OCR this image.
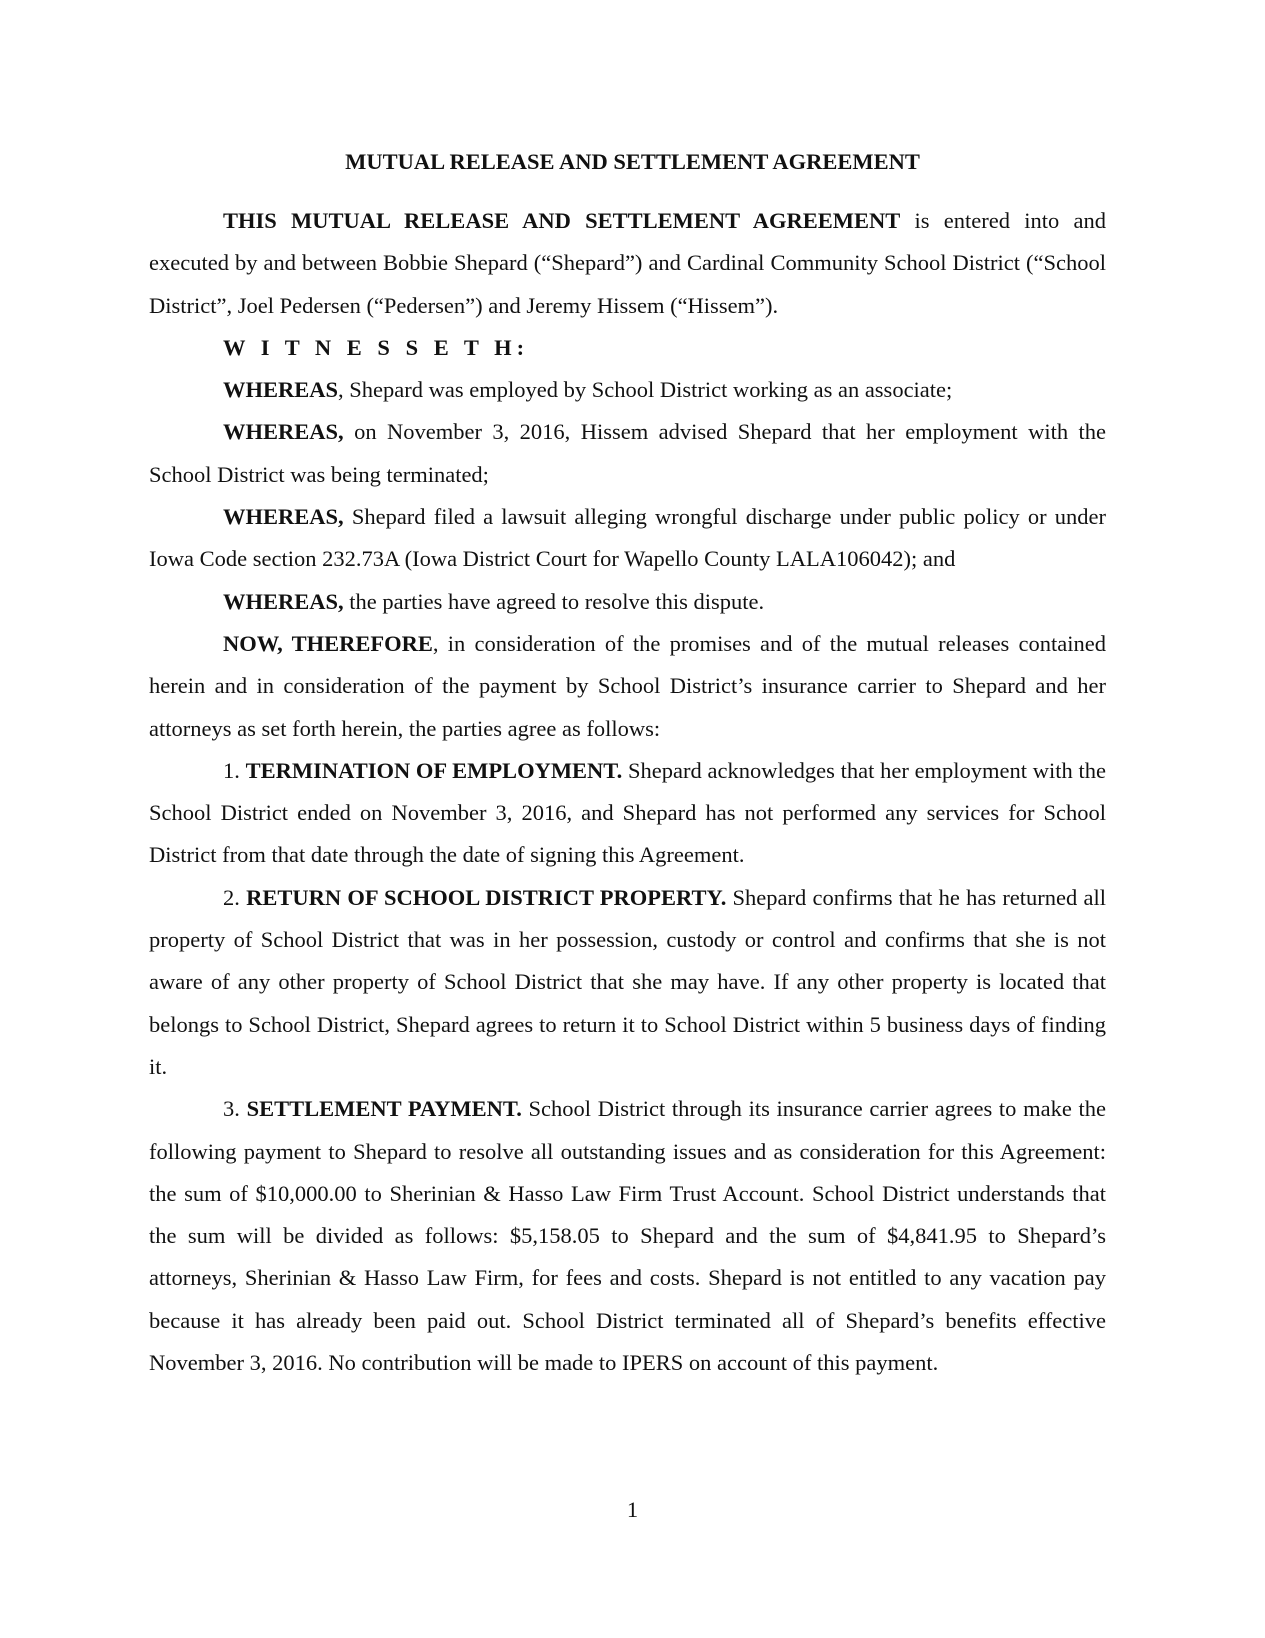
MUTUAL RELEASE AND SETTLEMENT AGREEMENT

THIS MUTUAL RELEASE AND SETTLEMENT AGREEMENT is entered into and executed by and between Bobbie Shepard (“Shepard”) and Cardinal Community School District (“School District”, Joel Pedersen (“Pedersen”) and Jeremy Hissem (“Hissem”).

W I T N E S S E T H:

WHEREAS, Shepard was employed by School District working as an associate;

WHEREAS, on November 3, 2016, Hissem advised Shepard that her employment with the School District was being terminated;

WHEREAS, Shepard filed a lawsuit alleging wrongful discharge under public policy or under Iowa Code section 232.73A (Iowa District Court for Wapello County LALA106042); and

WHEREAS, the parties have agreed to resolve this dispute.

NOW, THEREFORE, in consideration of the promises and of the mutual releases contained herein and in consideration of the payment by School District’s insurance carrier to Shepard and her attorneys as set forth herein, the parties agree as follows:

1. TERMINATION OF EMPLOYMENT. Shepard acknowledges that her employment with the School District ended on November 3, 2016, and Shepard has not performed any services for School District from that date through the date of signing this Agreement.

2. RETURN OF SCHOOL DISTRICT PROPERTY. Shepard confirms that he has returned all property of School District that was in her possession, custody or control and confirms that she is not aware of any other property of School District that she may have. If any other property is located that belongs to School District, Shepard agrees to return it to School District within 5 business days of finding it.

3. SETTLEMENT PAYMENT. School District through its insurance carrier agrees to make the following payment to Shepard to resolve all outstanding issues and as consideration for this Agreement: the sum of $10,000.00 to Sherinian & Hasso Law Firm Trust Account. School District understands that the sum will be divided as follows: $5,158.05 to Shepard and the sum of $4,841.95 to Shepard’s attorneys, Sherinian & Hasso Law Firm, for fees and costs. Shepard is not entitled to any vacation pay because it has already been paid out. School District terminated all of Shepard’s benefits effective November 3, 2016. No contribution will be made to IPERS on account of this payment.

1
